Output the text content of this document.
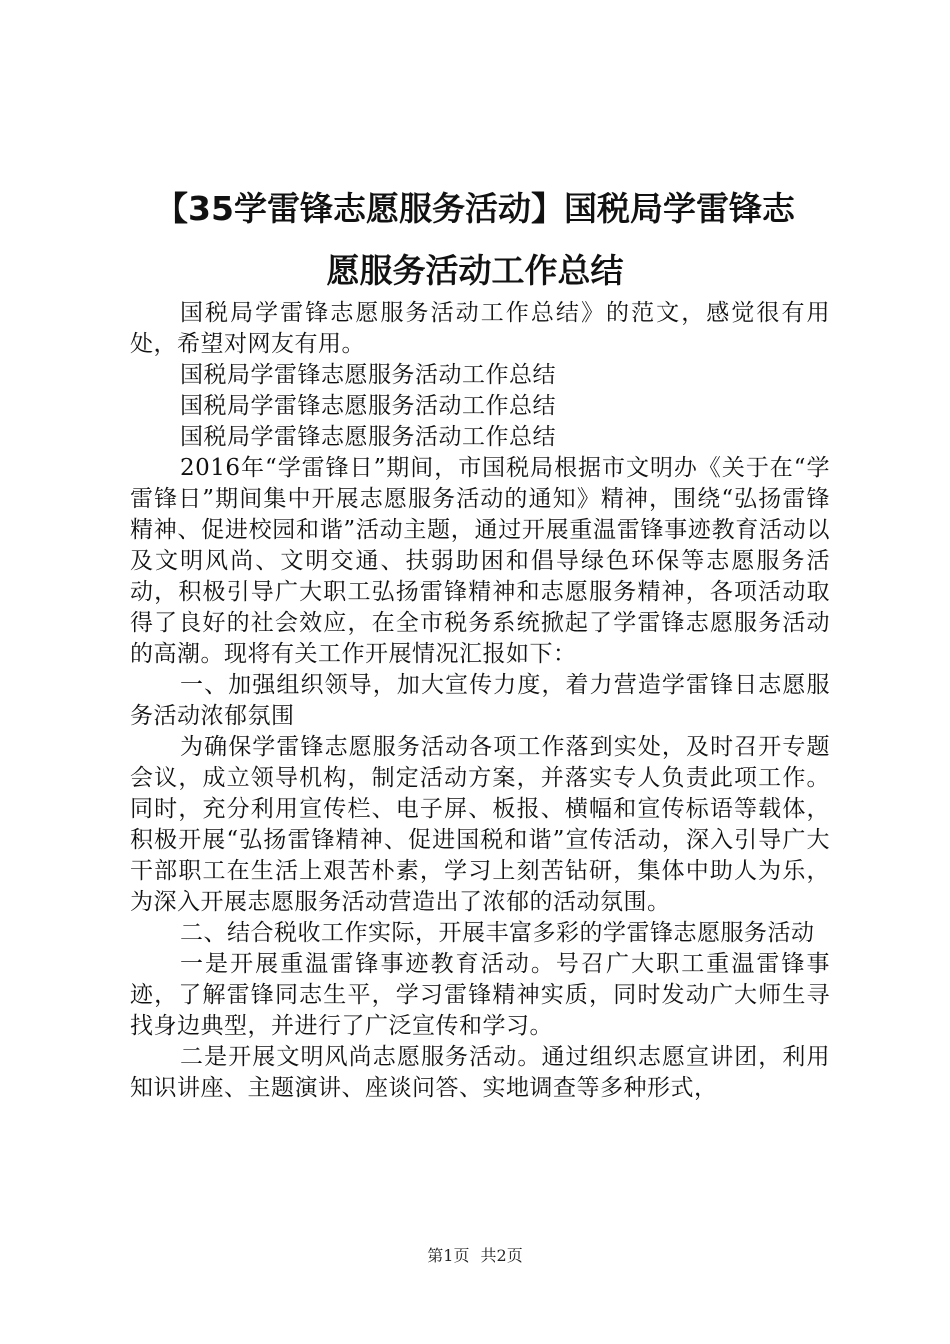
【35学雷锋志愿服务活动】国税局学雷锋志
愿服务活动工作总结

国税局学雷锋志愿服务活动工作总结》的范文，感觉很有用处，希望对网友有用。

国税局学雷锋志愿服务活动工作总结

国税局学雷锋志愿服务活动工作总结

国税局学雷锋志愿服务活动工作总结

2016年“学雷锋日”期间，市国税局根据市文明办《关于在“学雷锋日”期间集中开展志愿服务活动的通知》精神，围绕“弘扬雷锋精神、促进校园和谐”活动主题，通过开展重温雷锋事迹教育活动以及文明风尚、文明交通、扶弱助困和倡导绿色环保等志愿服务活动，积极引导广大职工弘扬雷锋精神和志愿服务精神，各项活动取得了良好的社会效应，在全市税务系统掀起了学雷锋志愿服务活动的高潮。现将有关工作开展情况汇报如下：

一、加强组织领导，加大宣传力度，着力营造学雷锋日志愿服务活动浓郁氛围

为确保学雷锋志愿服务活动各项工作落到实处，及时召开专题会议，成立领导机构，制定活动方案，并落实专人负责此项工作。同时，充分利用宣传栏、电子屏、板报、横幅和宣传标语等载体，积极开展“弘扬雷锋精神、促进国税和谐”宣传活动，深入引导广大干部职工在生活上艰苦朴素，学习上刻苦钻研，集体中助人为乐，为深入开展志愿服务活动营造出了浓郁的活动氛围。

二、结合税收工作实际，开展丰富多彩的学雷锋志愿服务活动

一是开展重温雷锋事迹教育活动。号召广大职工重温雷锋事迹，了解雷锋同志生平，学习雷锋精神实质，同时发动广大师生寻找身边典型，并进行了广泛宣传和学习。

二是开展文明风尚志愿服务活动。通过组织志愿宣讲团，利用知识讲座、主题演讲、座谈问答、实地调查等多种形式，

第1页 共2页
